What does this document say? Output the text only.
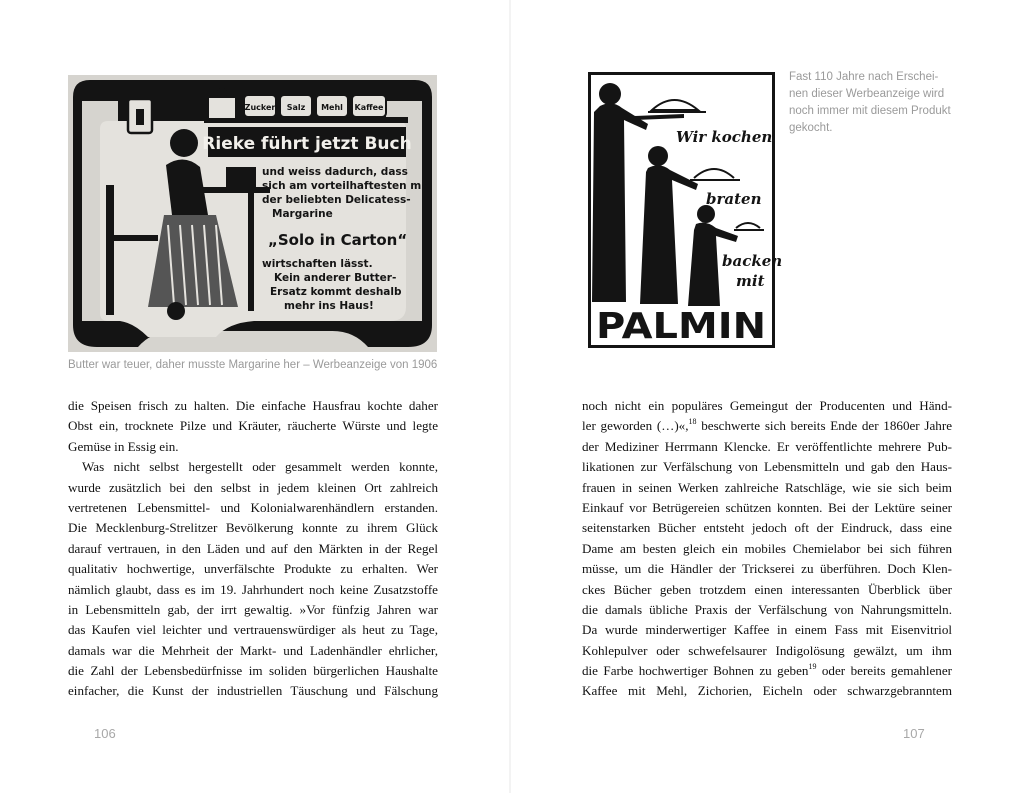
Zucker Salz Mehl Kaffee
Rieke führt jetzt Buch
und weiss dadurch, dass
sich am vorteilhaftesten mit
der beliebten Delicatess-
Margarine
„Solo in Carton“
wirtschaften lässt.
Kein anderer Butter-
Ersatz kommt deshalb
mehr ins Haus!
Butter war teuer, daher musste Margarine her – Werbeanzeige von 1906
die Speisen frisch zu halten. Die einfache Hausfrau kochte daher
Obst ein, trocknete Pilze und Kräuter, räucherte Würste und legte
Gemüse in Essig ein.
Was nicht selbst hergestellt oder gesammelt werden konnte,
wurde zusätzlich bei den selbst in jedem kleinen Ort zahlreich
vertretenen Lebensmittel- und Kolonialwarenhändlern erstanden.
Die Mecklenburg-Strelitzer Bevölkerung konnte zu ihrem Glück
darauf vertrauen, in den Läden und auf den Märkten in der Regel
qualitativ hochwertige, unverfälschte Produkte zu erhalten. Wer
nämlich glaubt, dass es im 19. Jahrhundert noch keine Zusatzstoffe
in Lebensmitteln gab, der irrt gewaltig. »Vor fünfzig Jahren war
das Kaufen viel leichter und vertrauenswürdiger als heut zu Tage,
damals war die Mehrheit der Markt- und Ladenhändler ehrlicher,
die Zahl der Lebensbedürfnisse im soliden bürgerlichen Haushalte
einfacher, die Kunst der industriellen Täuschung und Fälschung
106
Wir kochen
braten
backen
mit
PALMIN
Fast 110 Jahre nach Erschei-
nen dieser Werbeanzeige wird
noch immer mit diesem Produkt
gekocht.
noch nicht ein populäres Gemeingut der Producenten und Händ-
ler geworden (…)«,$^{18}$ beschwerte sich bereits Ende der 1860er Jahre
der Mediziner Herrmann Klencke. Er veröffentlichte mehrere Pub-
likationen zur Verfälschung von Lebensmitteln und gab den Haus-
frauen in seinen Werken zahlreiche Ratschläge, wie sie sich beim
Einkauf vor Betrügereien schützen konnten. Bei der Lektüre seiner
seitenstarken Bücher entsteht jedoch oft der Eindruck, dass eine
Dame am besten gleich ein mobiles Chemielabor bei sich führen
müsse, um die Händler der Trickserei zu überführen. Doch Klen-
ckes Bücher geben trotzdem einen interessanten Überblick über
die damals übliche Praxis der Verfälschung von Nahrungsmitteln.
Da wurde minderwertiger Kaffee in einem Fass mit Eisenvitriol
Kohlepulver oder schwefelsaurer Indigolösung gewälzt, um ihm
die Farbe hochwertiger Bohnen zu geben$^{19}$ oder bereits gemahlener
Kaffee mit Mehl, Zichorien, Eicheln oder schwarzgebranntem
107
